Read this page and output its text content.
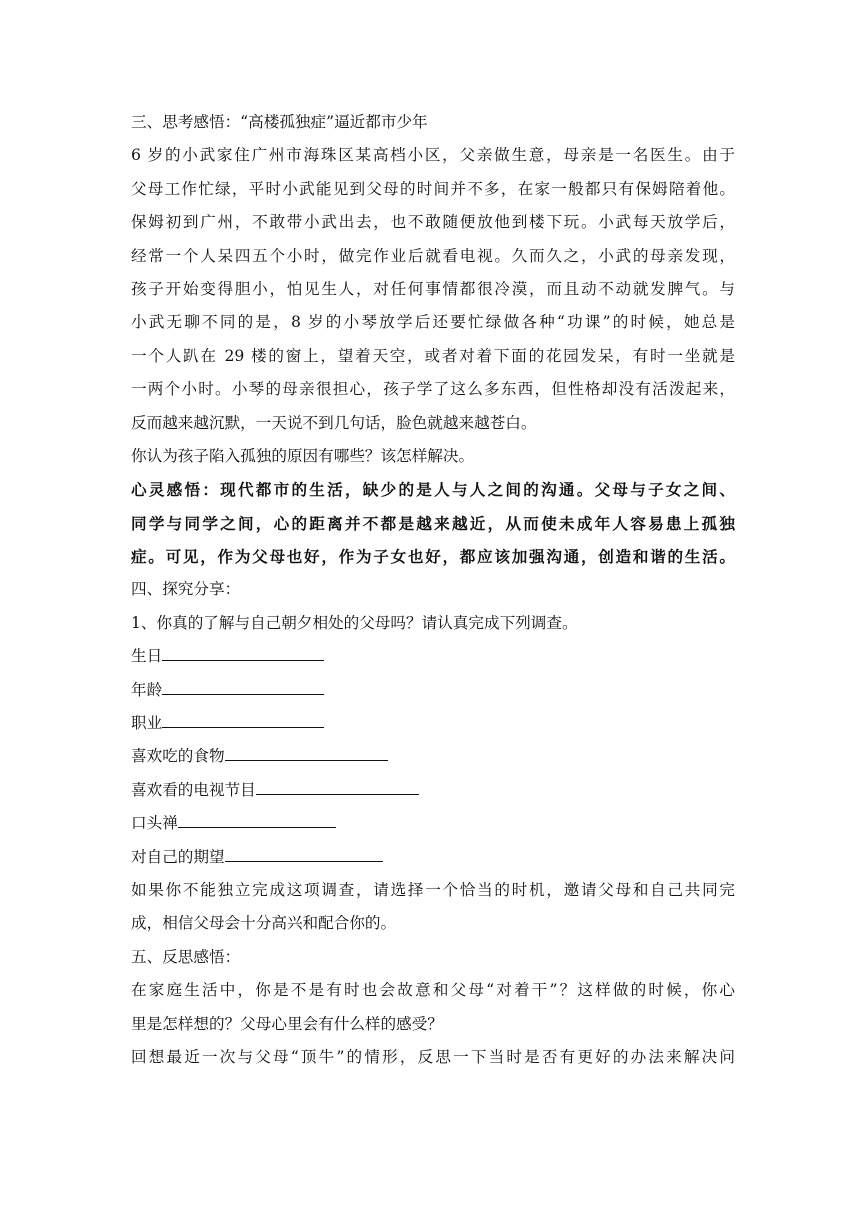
三、思考感悟：“高楼孤独症”逼近都市少年
6 岁的小武家住广州市海珠区某高档小区，父亲做生意，母亲是一名医生。由于
父母工作忙绿，平时小武能见到父母的时间并不多，在家一般都只有保姆陪着他。
保姆初到广州，不敢带小武出去，也不敢随便放他到楼下玩。小武每天放学后，
经常一个人呆四五个小时，做完作业后就看电视。久而久之，小武的母亲发现，
孩子开始变得胆小，怕见生人，对任何事情都很冷漠，而且动不动就发脾气。与
小武无聊不同的是，8 岁的小琴放学后还要忙绿做各种“功课”的时候，她总是
一个人趴在 29 楼的窗上，望着天空，或者对着下面的花园发呆，有时一坐就是
一两个小时。小琴的母亲很担心，孩子学了这么多东西，但性格却没有活泼起来，
反而越来越沉默，一天说不到几句话，脸色就越来越苍白。
你认为孩子陷入孤独的原因有哪些？该怎样解决。
心灵感悟：现代都市的生活，缺少的是人与人之间的沟通。父母与子女之间、
同学与同学之间，心的距离并不都是越来越近，从而使未成年人容易患上孤独
症。可见，作为父母也好，作为子女也好，都应该加强沟通，创造和谐的生活。
四、探究分享：
1、你真的了解与自己朝夕相处的父母吗？请认真完成下列调查。
生日
年龄
职业
喜欢吃的食物
喜欢看的电视节目
口头禅
对自己的期望
如果你不能独立完成这项调查，请选择一个恰当的时机，邀请父母和自己共同完
成，相信父母会十分高兴和配合你的。
五、反思感悟：
在家庭生活中，你是不是有时也会故意和父母“对着干”？这样做的时候，你心
里是怎样想的？父母心里会有什么样的感受？
回想最近一次与父母“顶牛”的情形，反思一下当时是否有更好的办法来解决问
